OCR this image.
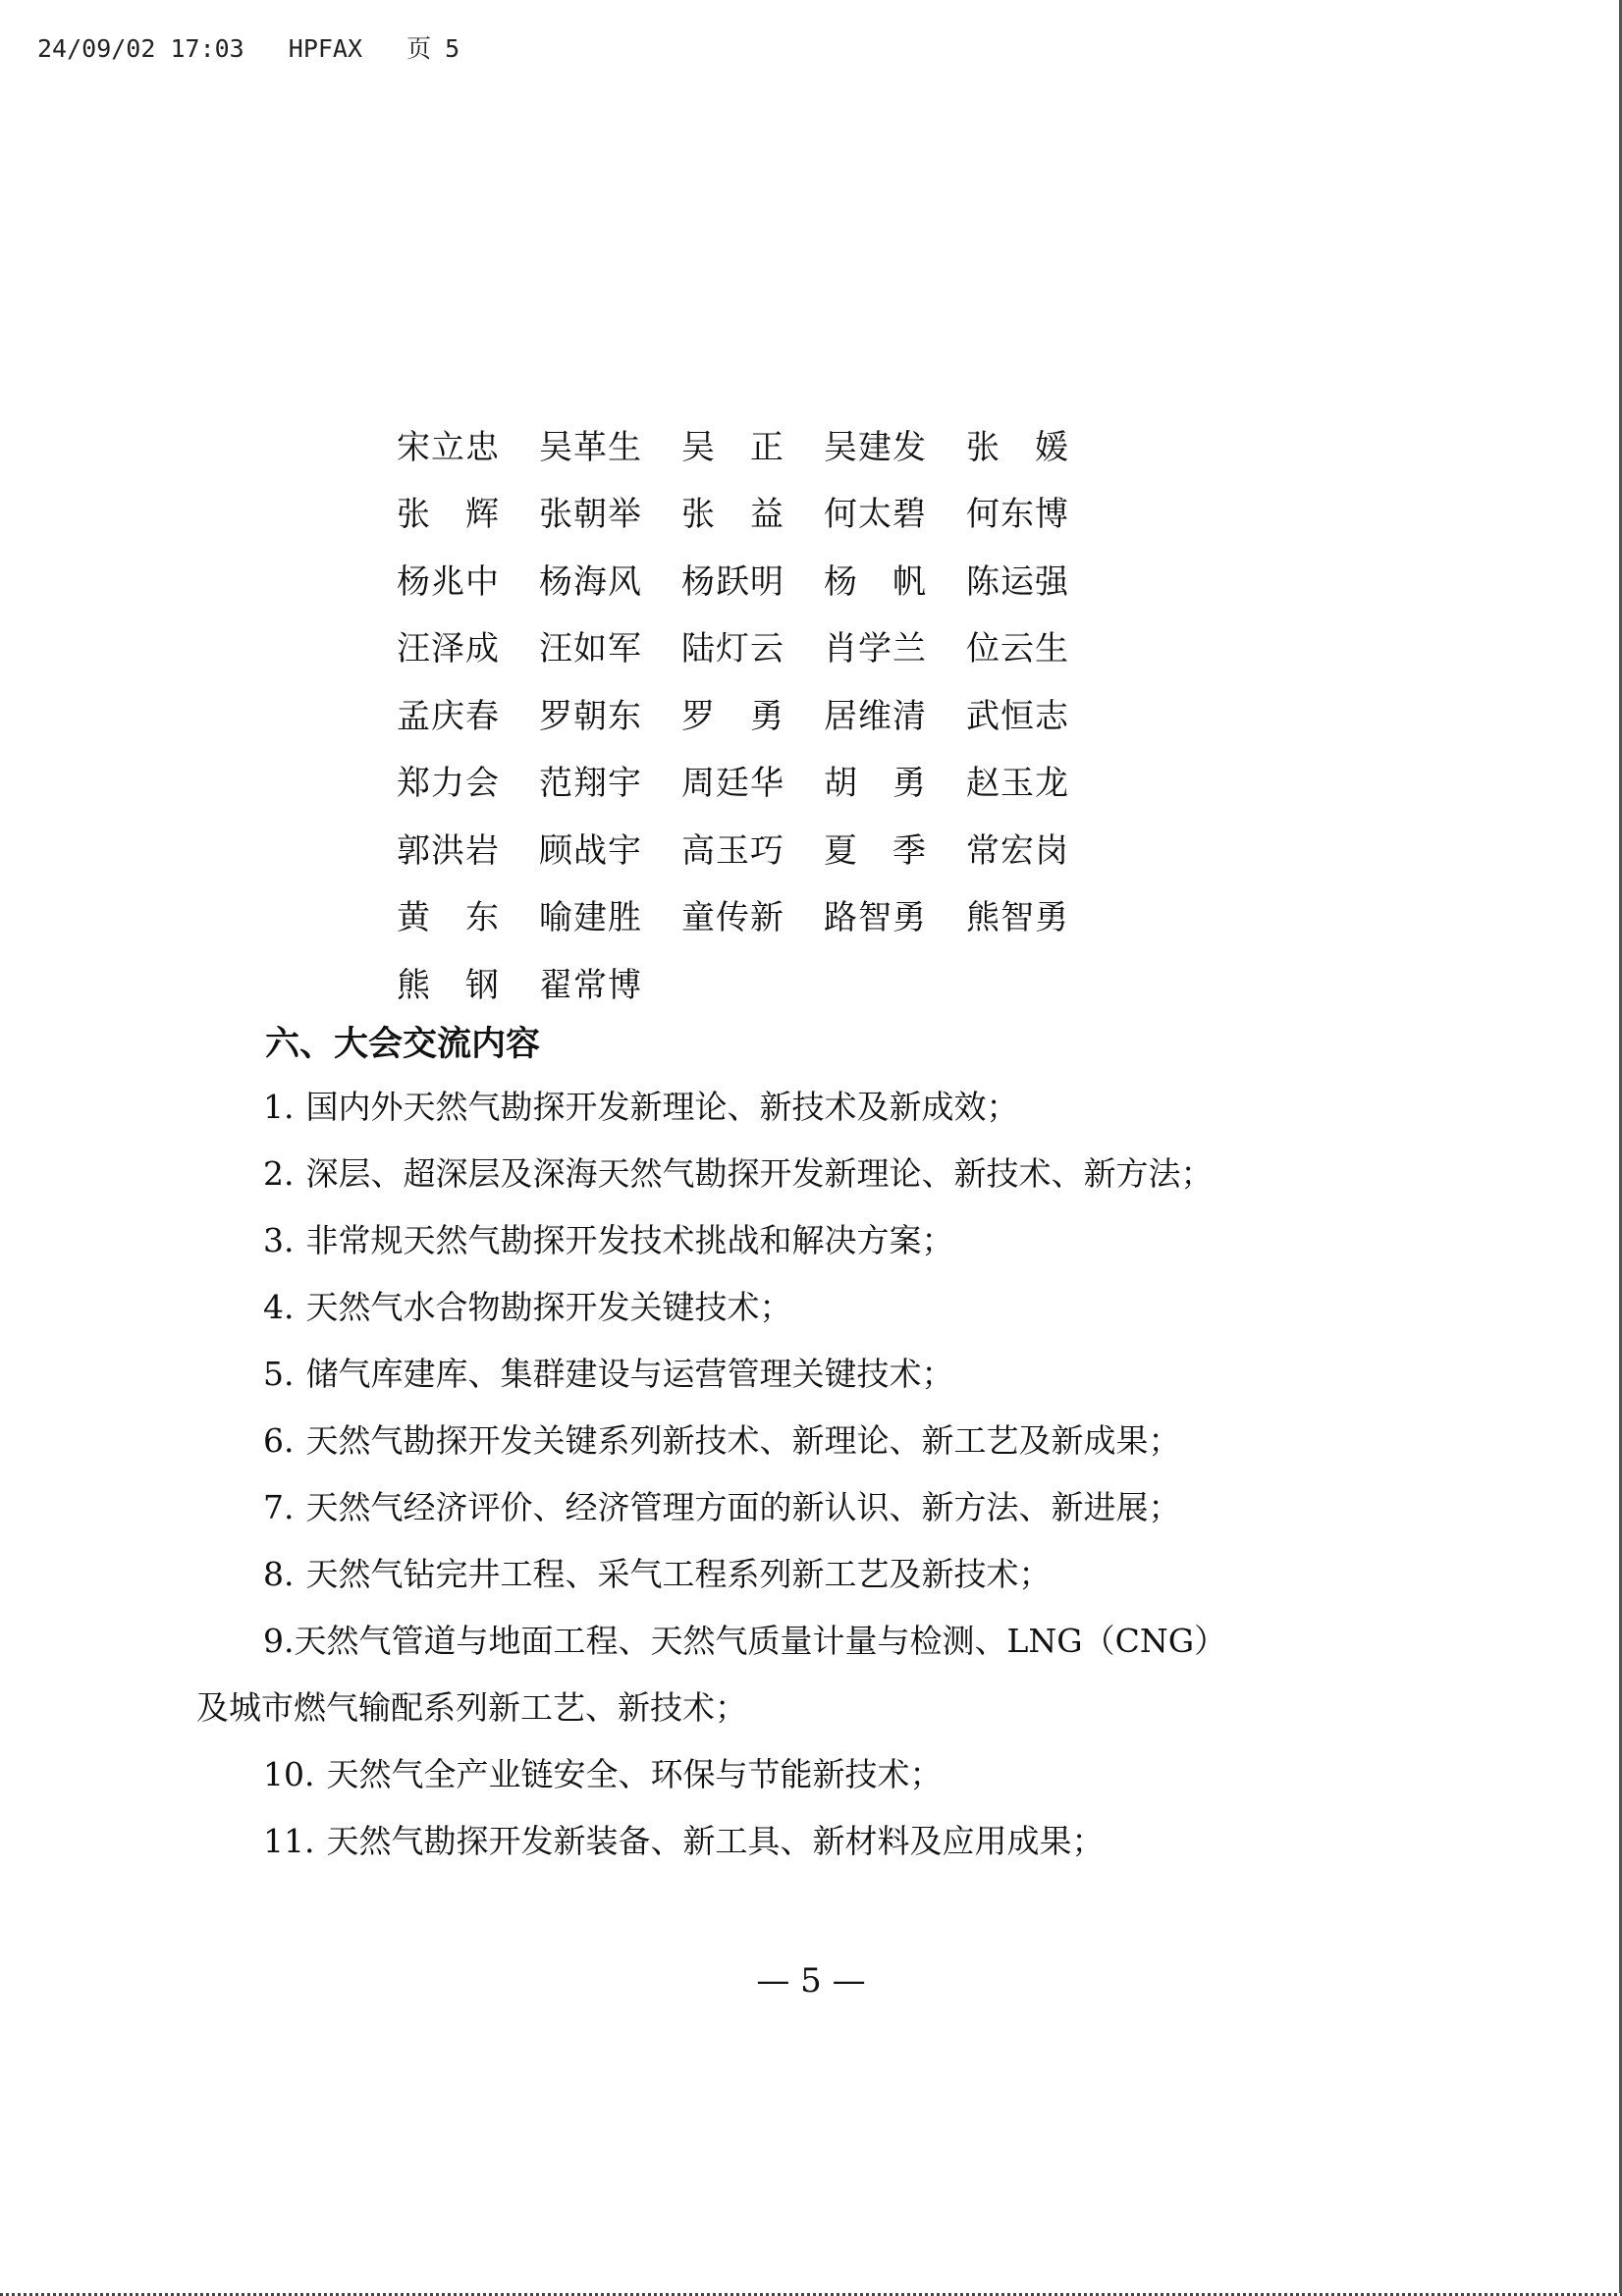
24/09/02 17:03 HPFAX 页 5
宋立忠	吴革生	吴　正	吴建发	张　媛
张　辉	张朝举	张　益	何太碧	何东博
杨兆中	杨海风	杨跃明	杨　帆	陈运强
汪泽成	汪如军	陆灯云	肖学兰	位云生
孟庆春	罗朝东	罗　勇	居维清	武恒志
郑力会	范翔宇	周廷华	胡　勇	赵玉龙
郭洪岩	顾战宇	高玉巧	夏　季	常宏岗
黄　东	喻建胜	童传新	路智勇	熊智勇
熊　钢	翟常博
六、大会交流内容
1. 国内外天然气勘探开发新理论、新技术及新成效；
2. 深层、超深层及深海天然气勘探开发新理论、新技术、新方法；
3. 非常规天然气勘探开发技术挑战和解决方案；
4. 天然气水合物勘探开发关键技术；
5. 储气库建库、集群建设与运营管理关键技术；
6. 天然气勘探开发关键系列新技术、新理论、新工艺及新成果；
7. 天然气经济评价、经济管理方面的新认识、新方法、新进展；
8. 天然气钻完井工程、采气工程系列新工艺及新技术；
9.天然气管道与地面工程、天然气质量计量与检测、LNG（CNG）
及城市燃气输配系列新工艺、新技术；
10. 天然气全产业链安全、环保与节能新技术；
11. 天然气勘探开发新装备、新工具、新材料及应用成果；
— 5 —
